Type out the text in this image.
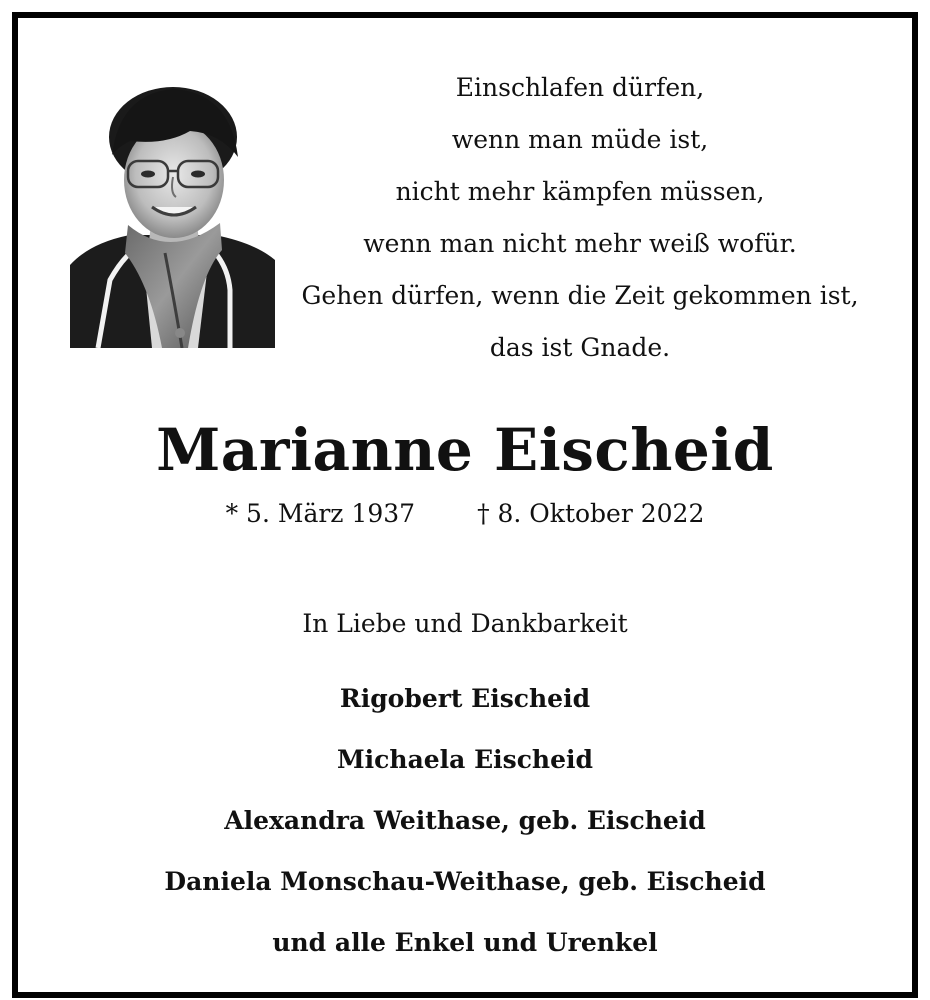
Einschlafen dürfen,
wenn man müde ist,
nicht mehr kämpfen müssen,
wenn man nicht mehr weiß wofür.
Gehen dürfen, wenn die Zeit gekommen ist,
das ist Gnade.
Marianne Eischeid
* 5. März 1937 † 8. Oktober 2022
In Liebe und Dankbarkeit
Rigobert Eischeid
Michaela Eischeid
Alexandra Weithase, geb. Eischeid
Daniela Monschau-Weithase, geb. Eischeid
und alle Enkel und Urenkel
